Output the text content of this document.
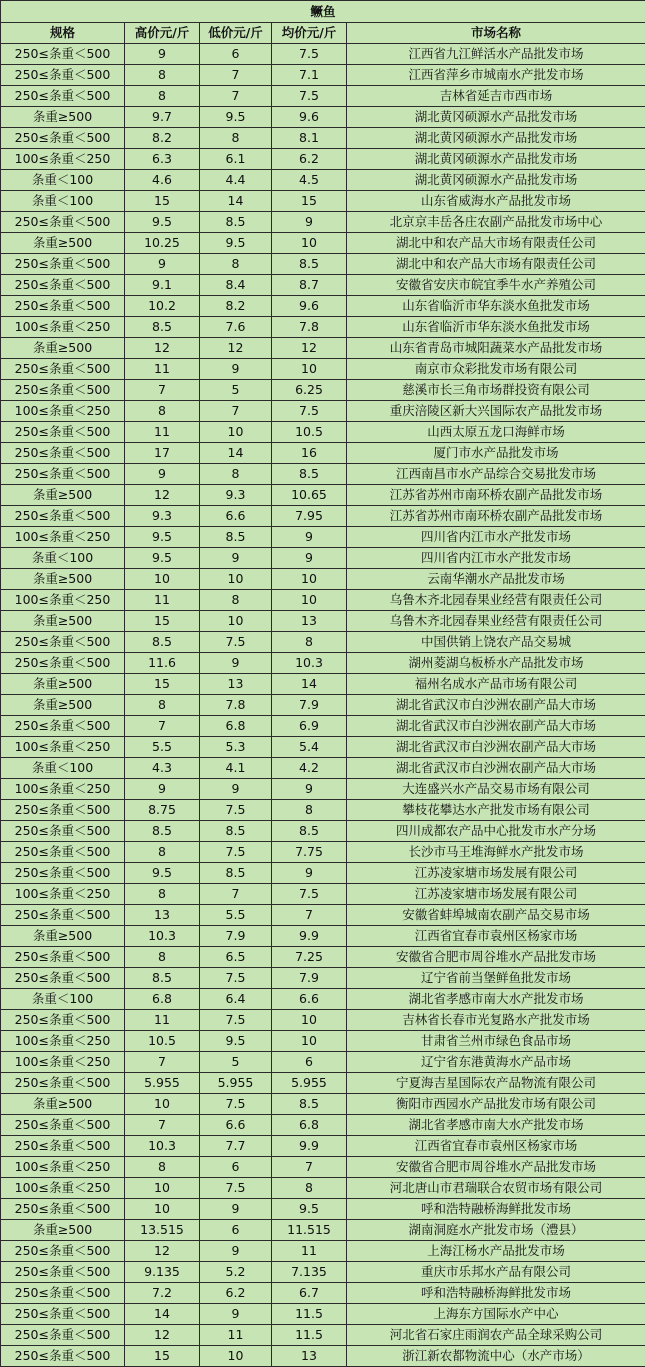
鳜鱼				
规格	高价元/斤	低价元/斤	均价元/斤	市场名称
250≤条重＜500	9	6	7.5	江西省九江鲜活水产品批发市场
250≤条重＜500	8	7	7.1	江西省萍乡市城南水产批发市场
250≤条重＜500	8	7	7.5	吉林省延吉市西市场
条重≥500	9.7	9.5	9.6	湖北黄冈硕源水产品批发市场
250≤条重＜500	8.2	8	8.1	湖北黄冈硕源水产品批发市场
100≤条重＜250	6.3	6.1	6.2	湖北黄冈硕源水产品批发市场
条重＜100	4.6	4.4	4.5	湖北黄冈硕源水产品批发市场
条重＜100	15	14	15	山东省威海水产品批发市场
250≤条重＜500	9.5	8.5	9	北京京丰岳各庄农副产品批发市场中心
条重≥500	10.25	9.5	10	湖北中和农产品大市场有限责任公司
250≤条重＜500	9	8	8.5	湖北中和农产品大市场有限责任公司
250≤条重＜500	9.1	8.4	8.7	安徽省安庆市皖宜季牛水产养殖公司
250≤条重＜500	10.2	8.2	9.6	山东省临沂市华东淡水鱼批发市场
100≤条重＜250	8.5	7.6	7.8	山东省临沂市华东淡水鱼批发市场
条重≥500	12	12	12	山东省青岛市城阳蔬菜水产品批发市场
250≤条重＜500	11	9	10	南京市众彩批发市场有限公司
250≤条重＜500	7	5	6.25	慈溪市长三角市场群投资有限公司
100≤条重＜250	8	7	7.5	重庆涪陵区新大兴国际农产品批发市场
250≤条重＜500	11	10	10.5	山西太原五龙口海鲜市场
250≤条重＜500	17	14	16	厦门市水产品批发市场
250≤条重＜500	9	8	8.5	江西南昌市水产品综合交易批发市场
条重≥500	12	9.3	10.65	江苏省苏州市南环桥农副产品批发市场
250≤条重＜500	9.3	6.6	7.95	江苏省苏州市南环桥农副产品批发市场
100≤条重＜250	9.5	8.5	9	四川省内江市水产批发市场
条重＜100	9.5	9	9	四川省内江市水产批发市场
条重≥500	10	10	10	云南华潮水产品批发市场
100≤条重＜250	11	8	10	乌鲁木齐北园春果业经营有限责任公司
条重≥500	15	10	13	乌鲁木齐北园春果业经营有限责任公司
250≤条重＜500	8.5	7.5	8	中国供销上饶农产品交易城
250≤条重＜500	11.6	9	10.3	湖州菱湖乌板桥水产品批发市场
条重≥500	15	13	14	福州名成水产品市场有限公司
条重≥500	8	7.8	7.9	湖北省武汉市白沙洲农副产品大市场
250≤条重＜500	7	6.8	6.9	湖北省武汉市白沙洲农副产品大市场
100≤条重＜250	5.5	5.3	5.4	湖北省武汉市白沙洲农副产品大市场
条重＜100	4.3	4.1	4.2	湖北省武汉市白沙洲农副产品大市场
100≤条重＜250	9	9	9	大连盛兴水产品交易市场有限公司
250≤条重＜500	8.75	7.5	8	攀枝花攀达水产批发市场有限公司
250≤条重＜500	8.5	8.5	8.5	四川成都农产品中心批发市水产分场
250≤条重＜500	8	7.5	7.75	长沙市马王堆海鲜水产批发市场
250≤条重＜500	9.5	8.5	9	江苏凌家塘市场发展有限公司
100≤条重＜250	8	7	7.5	江苏凌家塘市场发展有限公司
250≤条重＜500	13	5.5	7	安徽省蚌埠城南农副产品交易市场
条重≥500	10.3	7.9	9.9	江西省宜春市袁州区杨家市场
250≤条重＜500	8	6.5	7.25	安徽省合肥市周谷堆水产品批发市场
250≤条重＜500	8.5	7.5	7.9	辽宁省前当堡鲜鱼批发市场
条重＜100	6.8	6.4	6.6	湖北省孝感市南大水产批发市场
250≤条重＜500	11	7.5	10	吉林省长春市光复路水产批发市场
100≤条重＜250	10.5	9.5	10	甘肃省兰州市绿色食品市场
100≤条重＜250	7	5	6	辽宁省东港黄海水产品市场
250≤条重＜500	5.955	5.955	5.955	宁夏海吉星国际农产品物流有限公司
条重≥500	10	7.5	8.5	衡阳市西园水产品批发市场有限公司
250≤条重＜500	7	6.6	6.8	湖北省孝感市南大水产批发市场
250≤条重＜500	10.3	7.7	9.9	江西省宜春市袁州区杨家市场
100≤条重＜250	8	6	7	安徽省合肥市周谷堆水产品批发市场
100≤条重＜250	10	7.5	8	河北唐山市君瑞联合农贸市场有限公司
250≤条重＜500	10	9	9.5	呼和浩特融桥海鲜批发市场
条重≥500	13.515	6	11.515	湖南洞庭水产批发市场（澧县）
250≤条重＜500	12	9	11	上海江杨水产品批发市场
250≤条重＜500	9.135	5.2	7.135	重庆市乐邦水产品有限公司
250≤条重＜500	7.2	6.2	6.7	呼和浩特融桥海鲜批发市场
250≤条重＜500	14	9	11.5	上海东方国际水产中心
250≤条重＜500	12	11	11.5	河北省石家庄雨润农产品全球采购公司
250≤条重＜500	15	10	13	浙江新农都物流中心（水产市场）
